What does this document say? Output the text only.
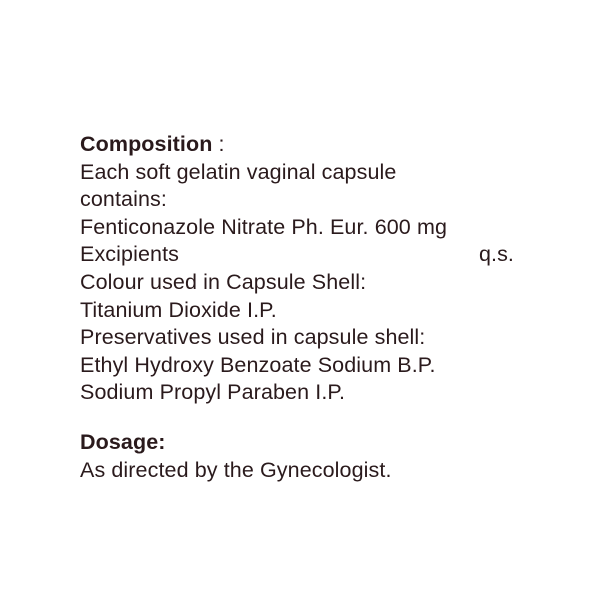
Composition :
Each soft gelatin vaginal capsule
contains:
Fenticonazole Nitrate Ph. Eur. 600 mg
Excipients	q.s.
Colour used in Capsule Shell:
Titanium Dioxide I.P.
Preservatives used in capsule shell:
Ethyl Hydroxy Benzoate Sodium B.P.
Sodium Propyl Paraben I.P.
Dosage:
As directed by the Gynecologist.
